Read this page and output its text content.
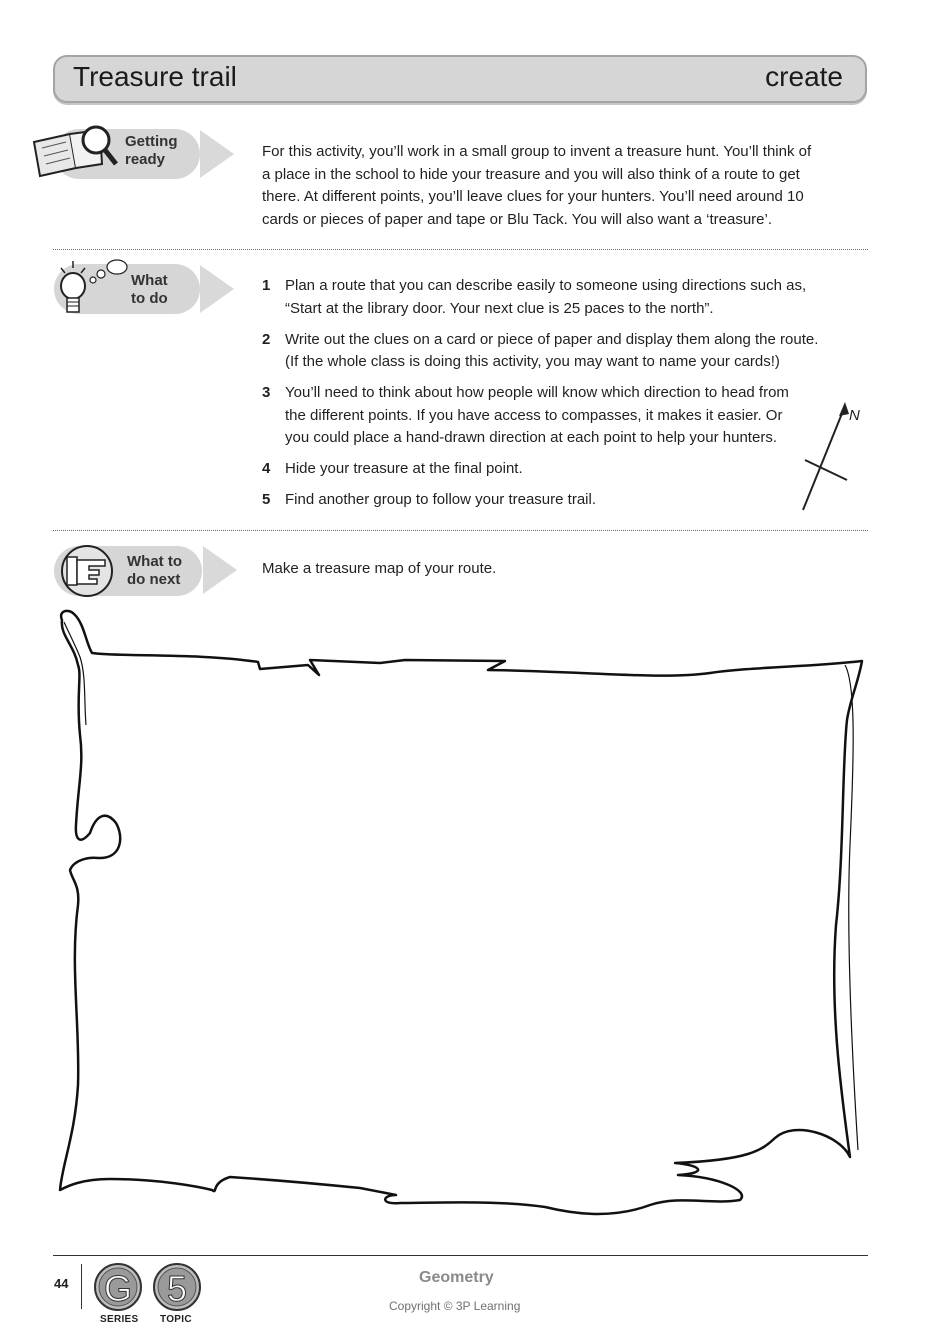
Treasure trail	create
Getting
ready	For this activity, you’ll work in a small group to invent a treasure hunt. You’ll think of
a place in the school to hide your treasure and you will also think of a route to get
there. At different points, you’ll leave clues for your hunters. You’ll need around 10
cards or pieces of paper and tape or Blu Tack. You will also want a ‘treasure’.
What
to do
1 Plan a route that you can describe easily to someone using directions such as,
“Start at the library door. Your next clue is 25 paces to the north”.
2 Write out the clues on a card or piece of paper and display them along the route.
(If the whole class is doing this activity, you may want to name your cards!)
3 You’ll need to think about how people will know which direction to head from
the different points. If you have access to compasses, it makes it easier. Or
you could place a hand-drawn direction at each point to help your hunters.
4 Hide your treasure at the final point.
5 Find another group to follow your treasure trail.
N
What to
do next
Make a treasure map of your route.
44 G 5
SERIES TOPIC
Geometry
Copyright © 3P Learning
